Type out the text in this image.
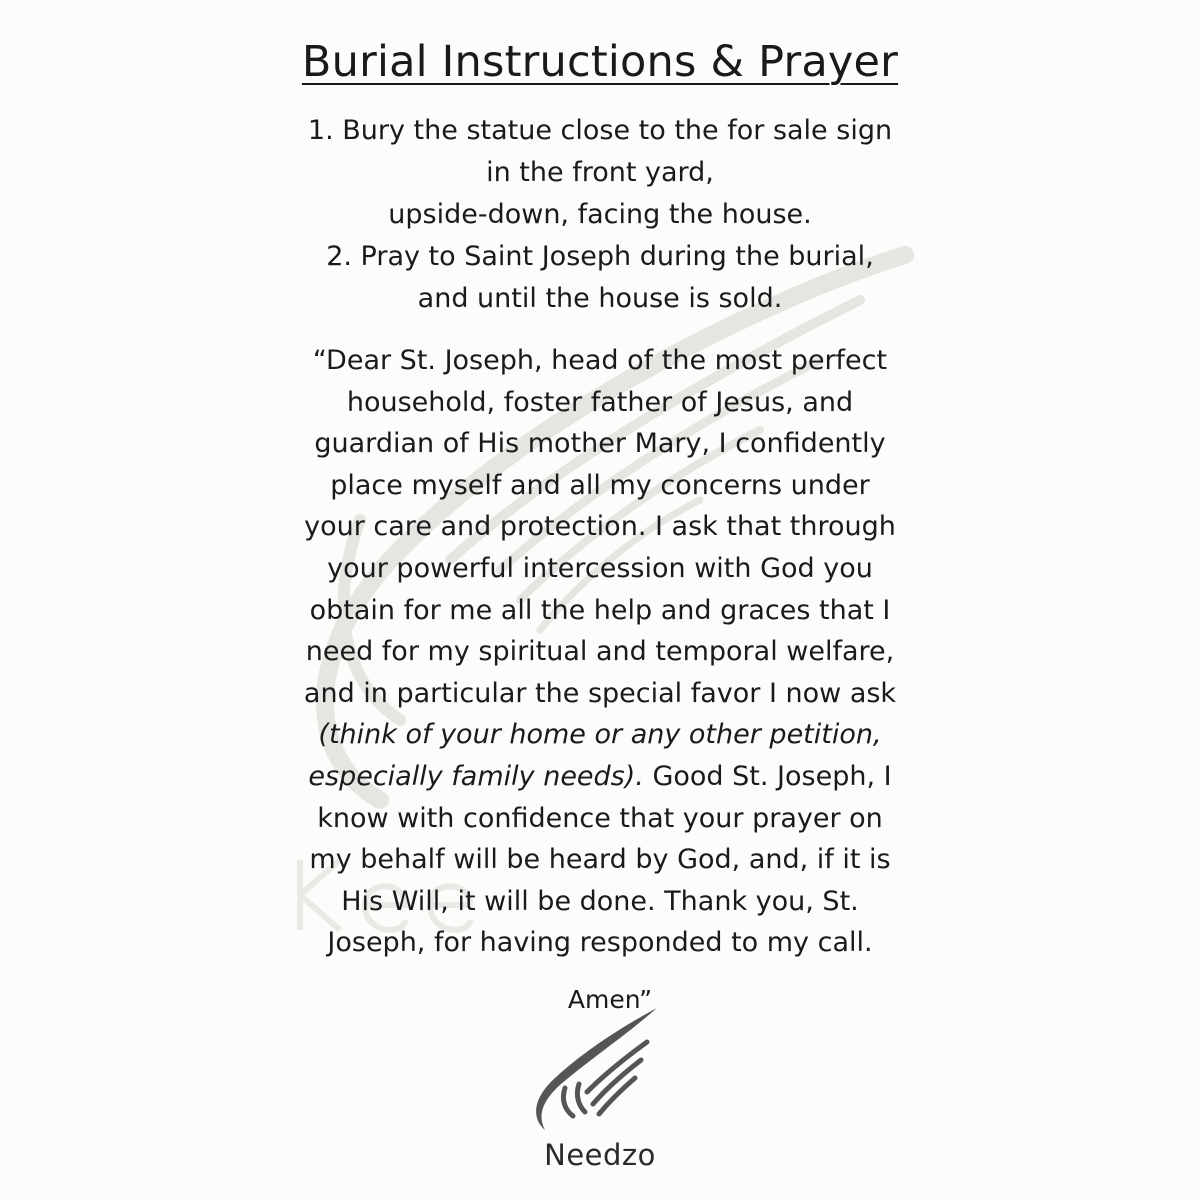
Burial Instructions & Prayer
1. Bury the statue close to the for sale sign
in the front yard,
upside-down, facing the house.
2. Pray to Saint Joseph during the burial,
and until the house is sold.
“Dear St. Joseph, head of the most perfect
household, foster father of Jesus, and
guardian of His mother Mary, I confidently
place myself and all my concerns under
your care and protection. I ask that through
your powerful intercession with God you
obtain for me all the help and graces that I
need for my spiritual and temporal welfare,
and in particular the special favor I now ask
(think of your home or any other petition,
especially family needs). Good St. Joseph, I
know with confidence that your prayer on
my behalf will be heard by God, and, if it is
His Will, it will be done. Thank you, St.
Joseph, for having responded to my call.
Amen”
Needzo
